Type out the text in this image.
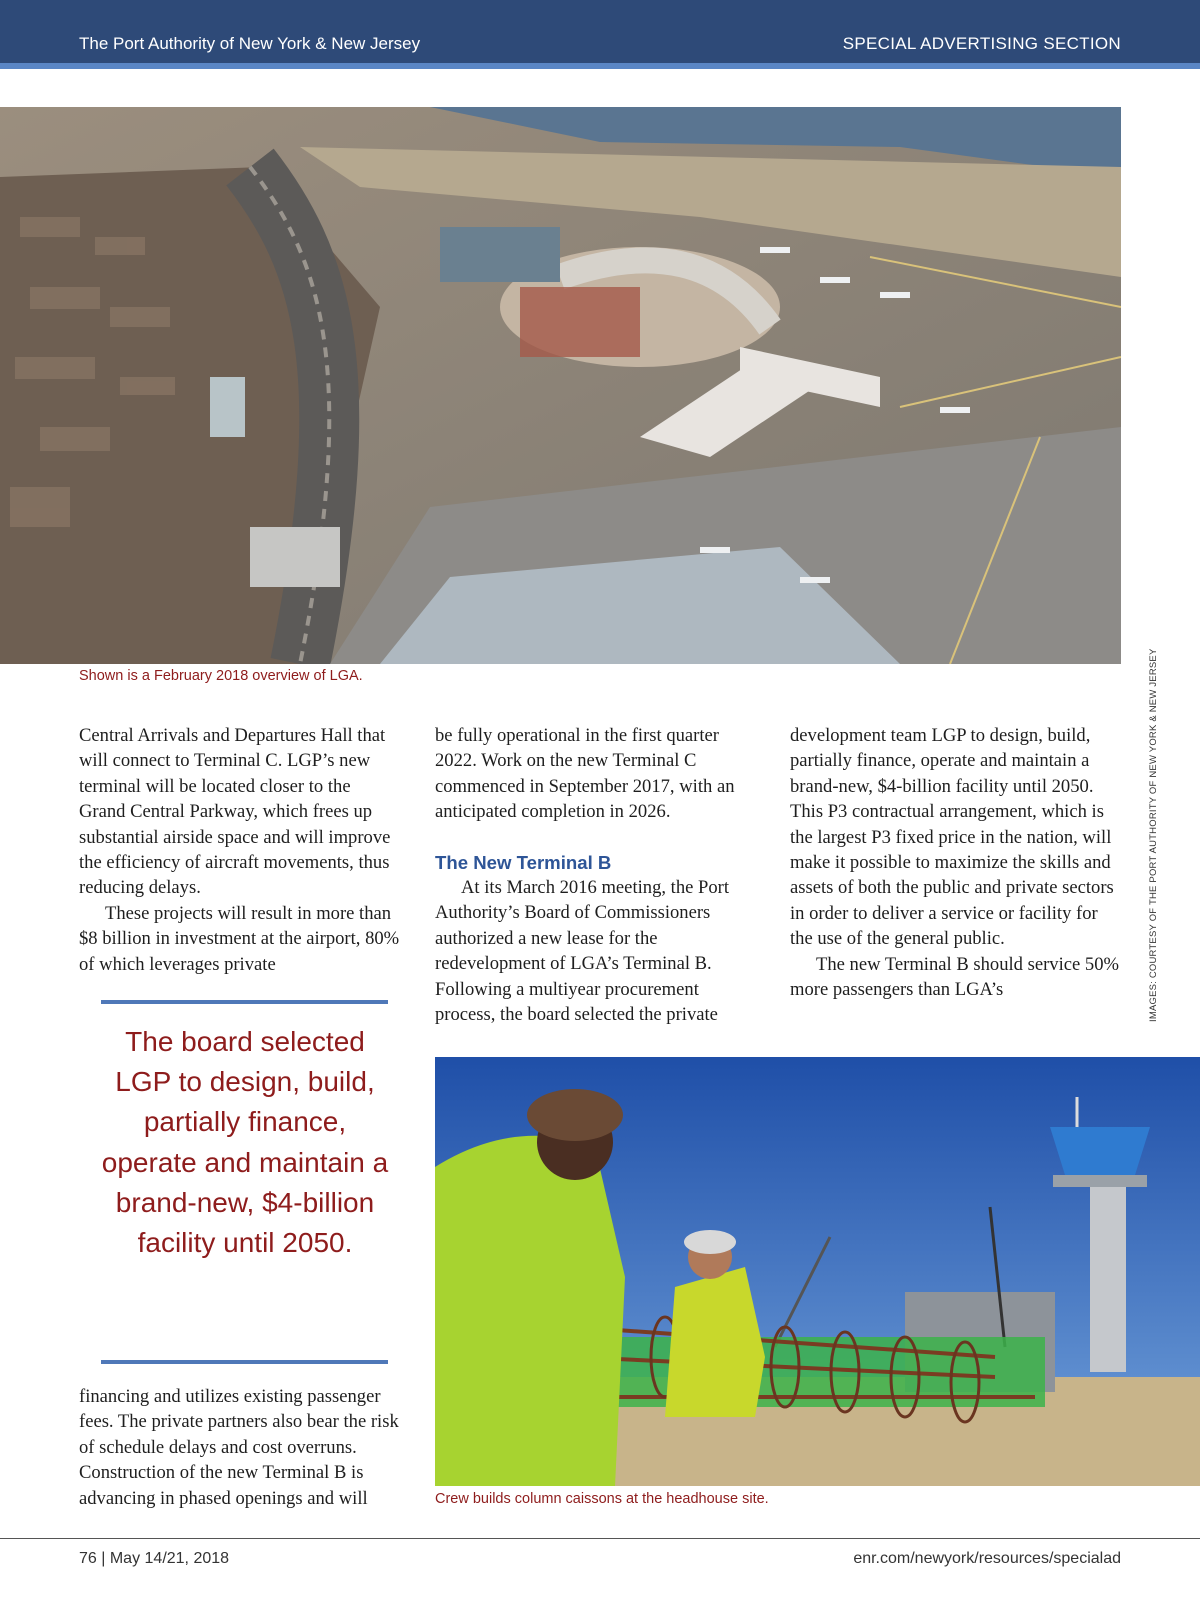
The Port Authority of New York & New Jersey	SPECIAL ADVERTISING SECTION
Shown is a February 2018 overview of LGA.	IMAGES: COURTESY OF THE PORT AUTHORITY OF NEW YORK & NEW JERSEY

Central Arrivals and Departures Hall that will connect to Terminal C. LGP’s new terminal will be located closer to the Grand Central Parkway, which frees up substantial airside space and will improve the efficiency of aircraft movements, thus reducing delays.

These projects will result in more than $8 billion in investment at the airport, 80% of which leverages private

The board selected LGP to design, build, partially finance, operate and maintain a brand-new, $4-billion facility until 2050.

financing and utilizes existing passenger fees. The private partners also bear the risk of schedule delays and cost overruns. Construction of the new Terminal B is advancing in phased openings and will

be fully operational in the first quarter 2022. Work on the new Terminal C commenced in September 2017, with an anticipated completion in 2026.

The New Terminal B

At its March 2016 meeting, the Port Authority’s Board of Commissioners authorized a new lease for the redevelopment of LGA’s Terminal B. Following a multiyear procurement process, the board selected the private

development team LGP to design, build, partially finance, operate and maintain a brand-new, $4-billion facility until 2050. This P3 contractual arrangement, which is the largest P3 fixed price in the nation, will make it possible to maximize the skills and assets of both the public and private sectors in order to deliver a service or facility for the use of the general public.

The new Terminal B should service 50% more passengers than LGA’s

Crew builds column caissons at the headhouse site.
76 | May 14/21, 2018	enr.com/newyork/resources/specialad
